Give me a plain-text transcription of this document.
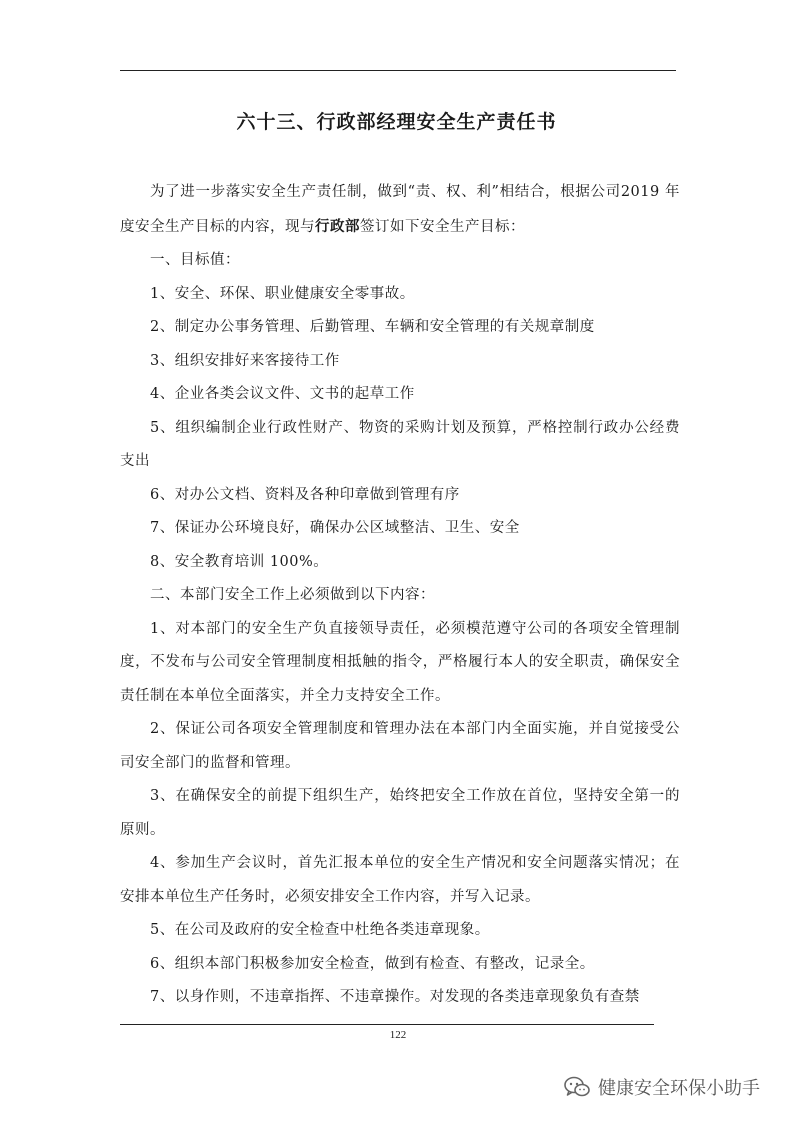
六十三、行政部经理安全生产责任书

为了进一步落实安全生产责任制，做到“责、权、利”相结合，根据公司2019 年度安全生产目标的内容，现与行政部签订如下安全生产目标：

一、目标值：

1、安全、环保、职业健康安全零事故。

2、制定办公事务管理、后勤管理、车辆和安全管理的有关规章制度

3、组织安排好来客接待工作

4、企业各类会议文件、文书的起草工作

5、组织编制企业行政性财产、物资的采购计划及预算，严格控制行政办公经费支出

6、对办公文档、资料及各种印章做到管理有序

7、保证办公环境良好，确保办公区域整洁、卫生、安全

8、安全教育培训 100%。

二、本部门安全工作上必须做到以下内容：

1、对本部门的安全生产负直接领导责任，必须模范遵守公司的各项安全管理制度，不发布与公司安全管理制度相抵触的指令，严格履行本人的安全职责，确保安全责任制在本单位全面落实，并全力支持安全工作。

2、保证公司各项安全管理制度和管理办法在本部门内全面实施，并自觉接受公司安全部门的监督和管理。

3、在确保安全的前提下组织生产，始终把安全工作放在首位，坚持安全第一的原则。

4、参加生产会议时，首先汇报本单位的安全生产情况和安全问题落实情况；在安排本单位生产任务时，必须安排安全工作内容，并写入记录。

5、在公司及政府的安全检查中杜绝各类违章现象。

6、组织本部门积极参加安全检查，做到有检查、有整改，记录全。

7、以身作则，不违章指挥、不违章操作。对发现的各类违章现象负有查禁

122
健康安全环保小助手
